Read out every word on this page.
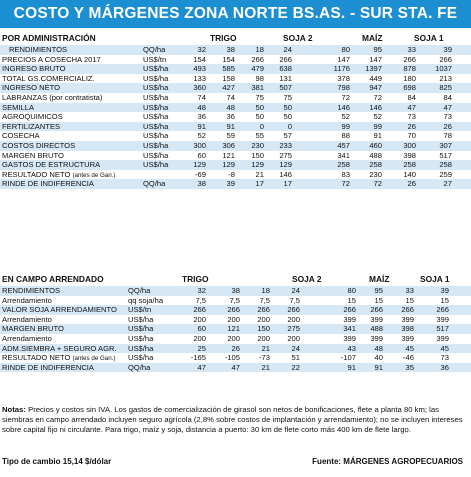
COSTO Y MÁRGENES ZONA NORTE BS.AS. - SUR STA. FE
POR ADMINISTRACIÓN	TRIGO	SOJA 2	MAÍZ	SOJA 1
RENDIMIENTOS	QQ/ha	32	38	18	24	80	95	33	39
PRECIOS A COSECHA 2017	US$/tn	154	154	266	266	147	147	266	266
INGRESO BRUTO	US$/ha	493	585	479	638	1176	1397	878	1037
TOTAL GS.COMERCIALIZ.	US$/ha	133	158	98	131	378	449	180	213
INGRESO NETO	US$/ha	360	427	381	507	798	947	698	825
LABRANZAS (por contratista)	US$/ha	74	74	75	75	72	72	84	84
SEMILLA	US$/ha	48	48	50	50	146	146	47	47
AGROQUIMICOS	US$/ha	36	36	50	50	52	52	73	73
FERTILIZANTES	US$/ha	91	91	0	0	99	99	26	26
COSECHA	US$/ha	52	59	55	57	88	91	70	78
COSTOS DIRECTOS	US$/ha	300	306	230	233	457	460	300	307
MARGEN BRUTO	US$/ha	60	121	150	275	341	488	398	517
GASTOS DE ESTRUCTURA	US$/ha	129	129	129	129	258	258	258	258
RESULTADO NETO (antes de Gan.)	-69	-8	21	146	83	230	140	259
RINDE DE INDIFERENCIA	QQ/ha	38	39	17	17	72	72	26	27
EN CAMPO ARRENDADO	TRIGO	SOJA 2	MAÍZ	SOJA 1
RENDIMIENTOS	QQ/ha	32	38	18	24	80	95	33	39
Arrendamiento	qq soja/ha	7,5	7,5	7,5	7,5	15	15	15	15
VALOR SOJA ARRENDAMIENTO US$/tn	266	266	266	266	266	266	266	266
Arrendamiento	US$/ha	200	200	200	200	399	399	399	399
MARGEN BRUTO	US$/ha	60	121	150	275	341	488	398	517
Arrendamiento	US$/ha	200	200	200	200	399	399	399	399
ADM.SIEMBRA + SEGURO AGR. US$/ha	25	26	21	24	43	48	45	45
RESULTADO NETO (antes de Gan.) US$/ha	-165	-105	-73	51	-107	40	-46	73
RINDE DE INDIFERENCIA	QQ/ha	47	47	21	22	91	91	35	36
Notas: Precios y costos sin IVA. Los gastos de comercialización de girasol son netos de bonificaciones, flete a planta 80 km; las siembras en campo arrendado incluyen seguro agrícola (2,8% sobre costos de implantación y arrendamiento); no se incluyen intereses sobre capital fijo ni circulante. Para trigo, maíz y soja, distancia a puerto: 30 km de flete corto más 400 km de flete largo.
Tipo de cambio 15,14 $/dólar	Fuente: MÁRGENES AGROPECUARIOS
